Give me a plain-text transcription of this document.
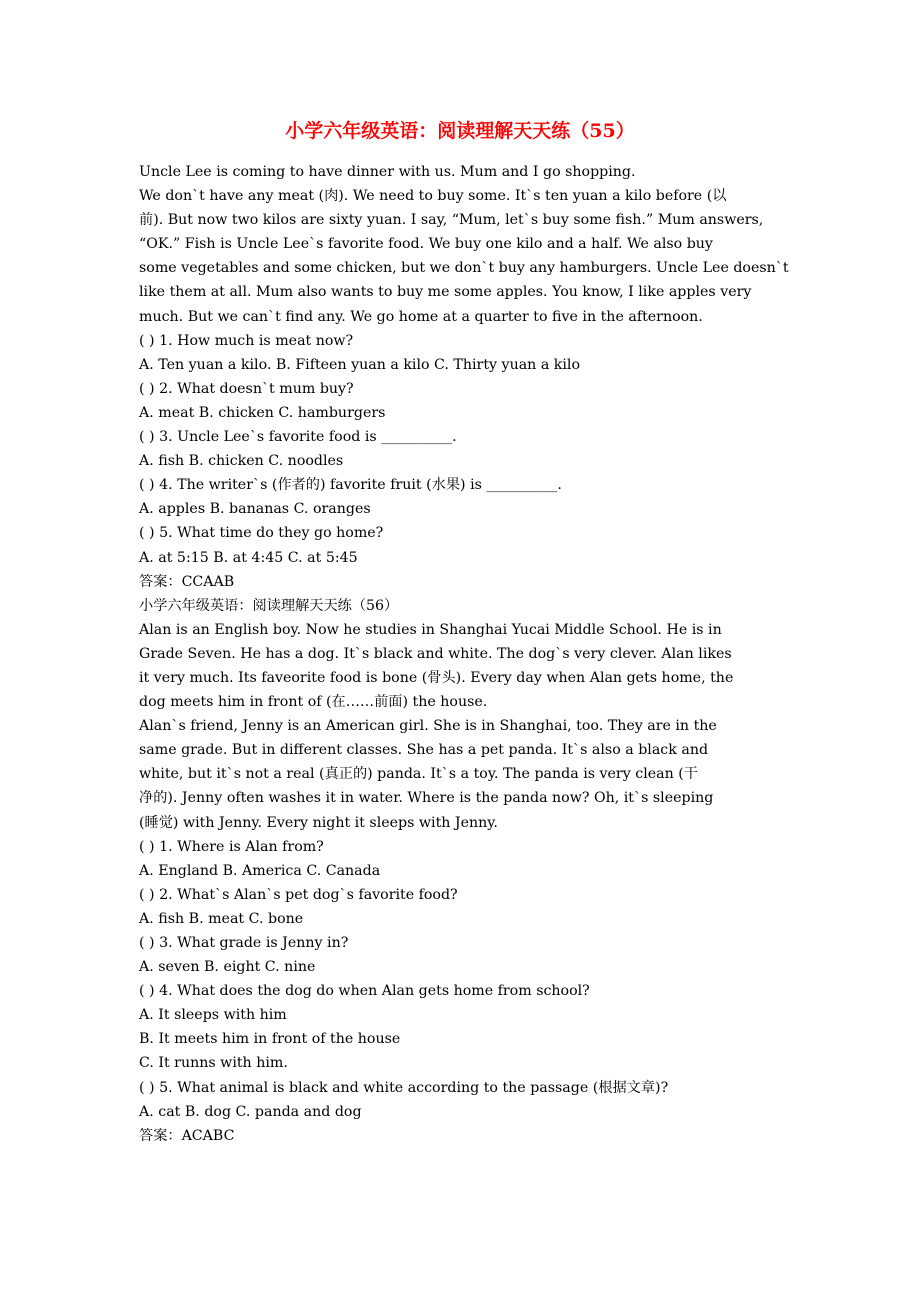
小学六年级英语：阅读理解天天练（55）
Uncle Lee is coming to have dinner with us. Mum and I go shopping.
We don`t have any meat (肉). We need to buy some. It`s ten yuan a kilo before (以
前). But now two kilos are sixty yuan. I say, “Mum, let`s buy some fish.” Mum answers,
“OK.” Fish is Uncle Lee`s favorite food. We buy one kilo and a half. We also buy
some vegetables and some chicken, but we don`t buy any hamburgers. Uncle Lee doesn`t
like them at all. Mum also wants to buy me some apples. You know, I like apples very
much. But we can`t find any. We go home at a quarter to five in the afternoon.
( ) 1. How much is meat now?
A. Ten yuan a kilo. B. Fifteen yuan a kilo C. Thirty yuan a kilo
( ) 2. What doesn`t mum buy?
A. meat B. chicken C. hamburgers
( ) 3. Uncle Lee`s favorite food is __________.
A. fish B. chicken C. noodles
( ) 4. The writer`s (作者的) favorite fruit (水果) is __________.
A. apples B. bananas C. oranges
( ) 5. What time do they go home?
A. at 5:15 B. at 4:45 C. at 5:45
答案：CCAAB
小学六年级英语：阅读理解天天练（56）
Alan is an English boy. Now he studies in Shanghai Yucai Middle School. He is in
Grade Seven. He has a dog. It`s black and white. The dog`s very clever. Alan likes
it very much. Its faveorite food is bone (骨头). Every day when Alan gets home, the
dog meets him in front of (在……前面) the house.
Alan`s friend, Jenny is an American girl. She is in Shanghai, too. They are in the
same grade. But in different classes. She has a pet panda. It`s also a black and
white, but it`s not a real (真正的) panda. It`s a toy. The panda is very clean (干
净的). Jenny often washes it in water. Where is the panda now? Oh, it`s sleeping
(睡觉) with Jenny. Every night it sleeps with Jenny.
( ) 1. Where is Alan from?
A. England B. America C. Canada
( ) 2. What`s Alan`s pet dog`s favorite food?
A. fish B. meat C. bone
( ) 3. What grade is Jenny in?
A. seven B. eight C. nine
( ) 4. What does the dog do when Alan gets home from school?
A. It sleeps with him
B. It meets him in front of the house
C. It runns with him.
( ) 5. What animal is black and white according to the passage (根据文章)?
A. cat B. dog C. panda and dog
答案：ACABC
